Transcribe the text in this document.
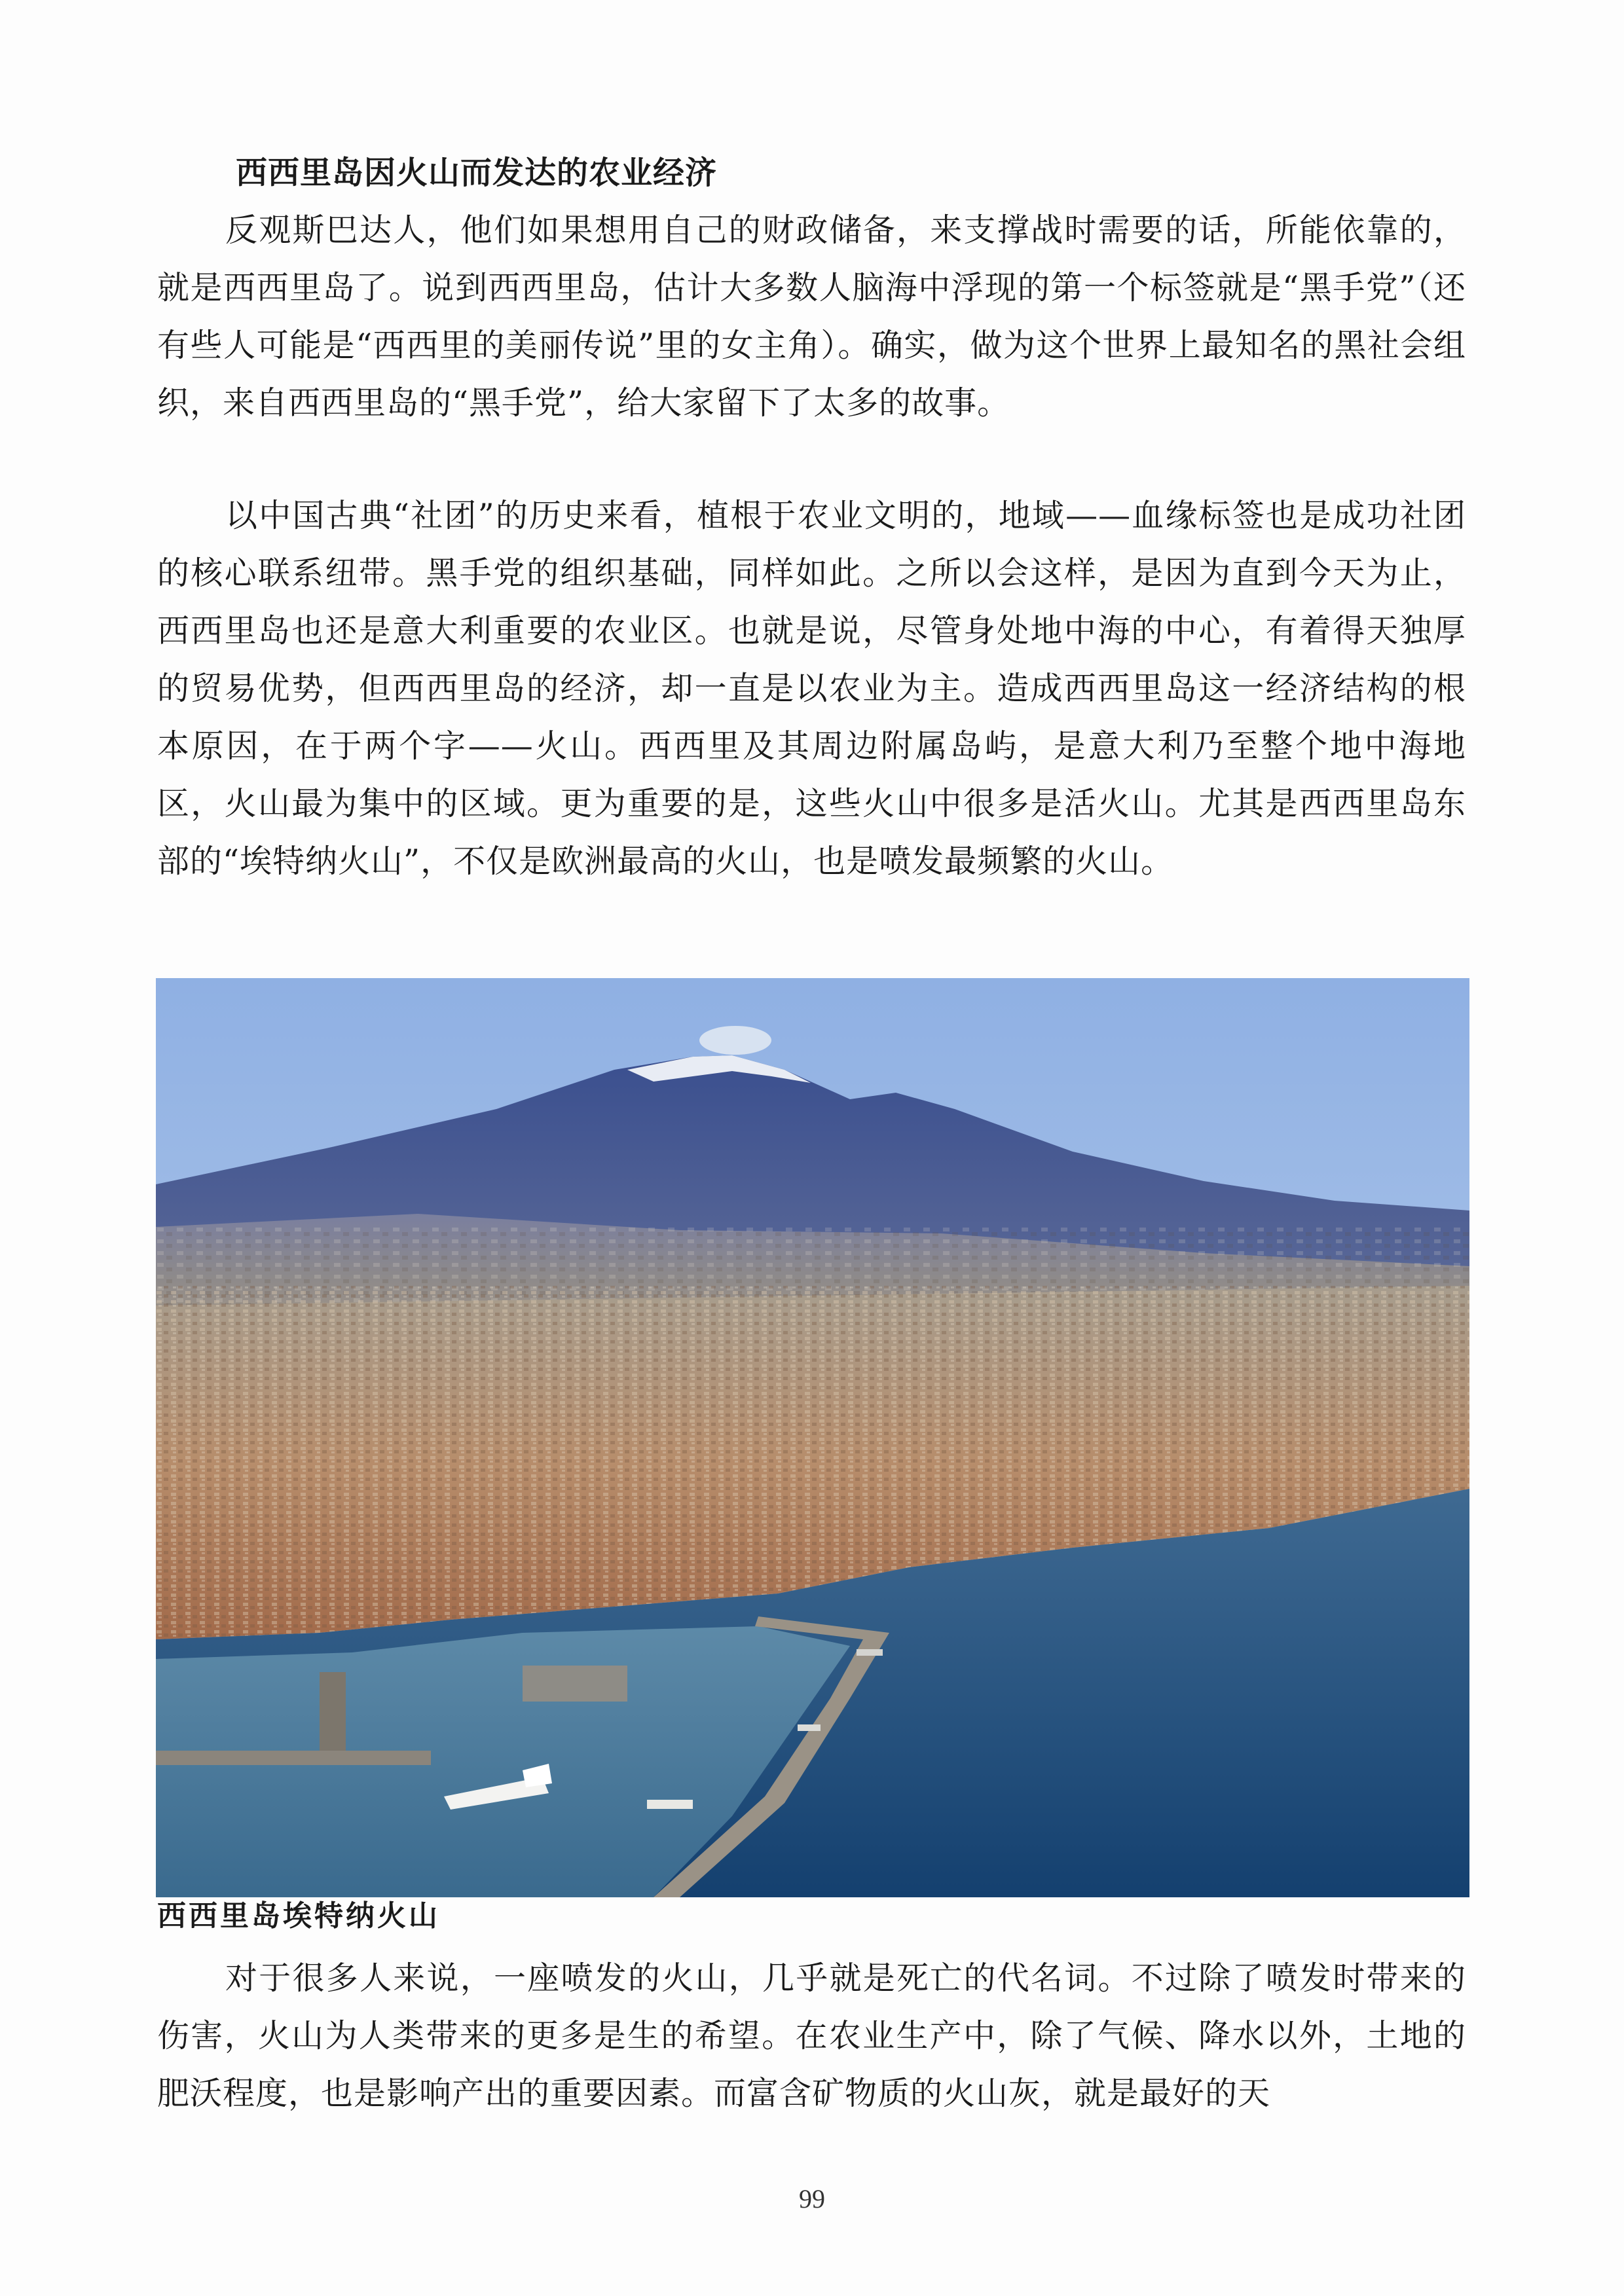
西西里岛因火山而发达的农业经济

反观斯巴达人，他们如果想用自己的财政储备，来支撑战时需要的话，所能依靠的，就是西西里岛了。说到西西里岛，估计大多数人脑海中浮现的第一个标签就是“黑手党”（还有些人可能是“西西里的美丽传说”里的女主角）。确实，做为这个世界上最知名的黑社会组织，来自西西里岛的“黑手党”，给大家留下了太多的故事。

以中国古典“社团”的历史来看，植根于农业文明的，地域——血缘标签也是成功社团的核心联系纽带。黑手党的组织基础，同样如此。之所以会这样，是因为直到今天为止，西西里岛也还是意大利重要的农业区。也就是说，尽管身处地中海的中心，有着得天独厚的贸易优势，但西西里岛的经济，却一直是以农业为主。造成西西里岛这一经济结构的根本原因，在于两个字——火山。西西里及其周边附属岛屿，是意大利乃至整个地中海地区，火山最为集中的区域。更为重要的是，这些火山中很多是活火山。尤其是西西里岛东部的“埃特纳火山”，不仅是欧洲最高的火山，也是喷发最频繁的火山。

西西里岛埃特纳火山

对于很多人来说，一座喷发的火山，几乎就是死亡的代名词。不过除了喷发时带来的伤害，火山为人类带来的更多是生的希望。在农业生产中，除了气候、降水以外，土地的肥沃程度，也是影响产出的重要因素。而富含矿物质的火山灰，就是最好的天

99
